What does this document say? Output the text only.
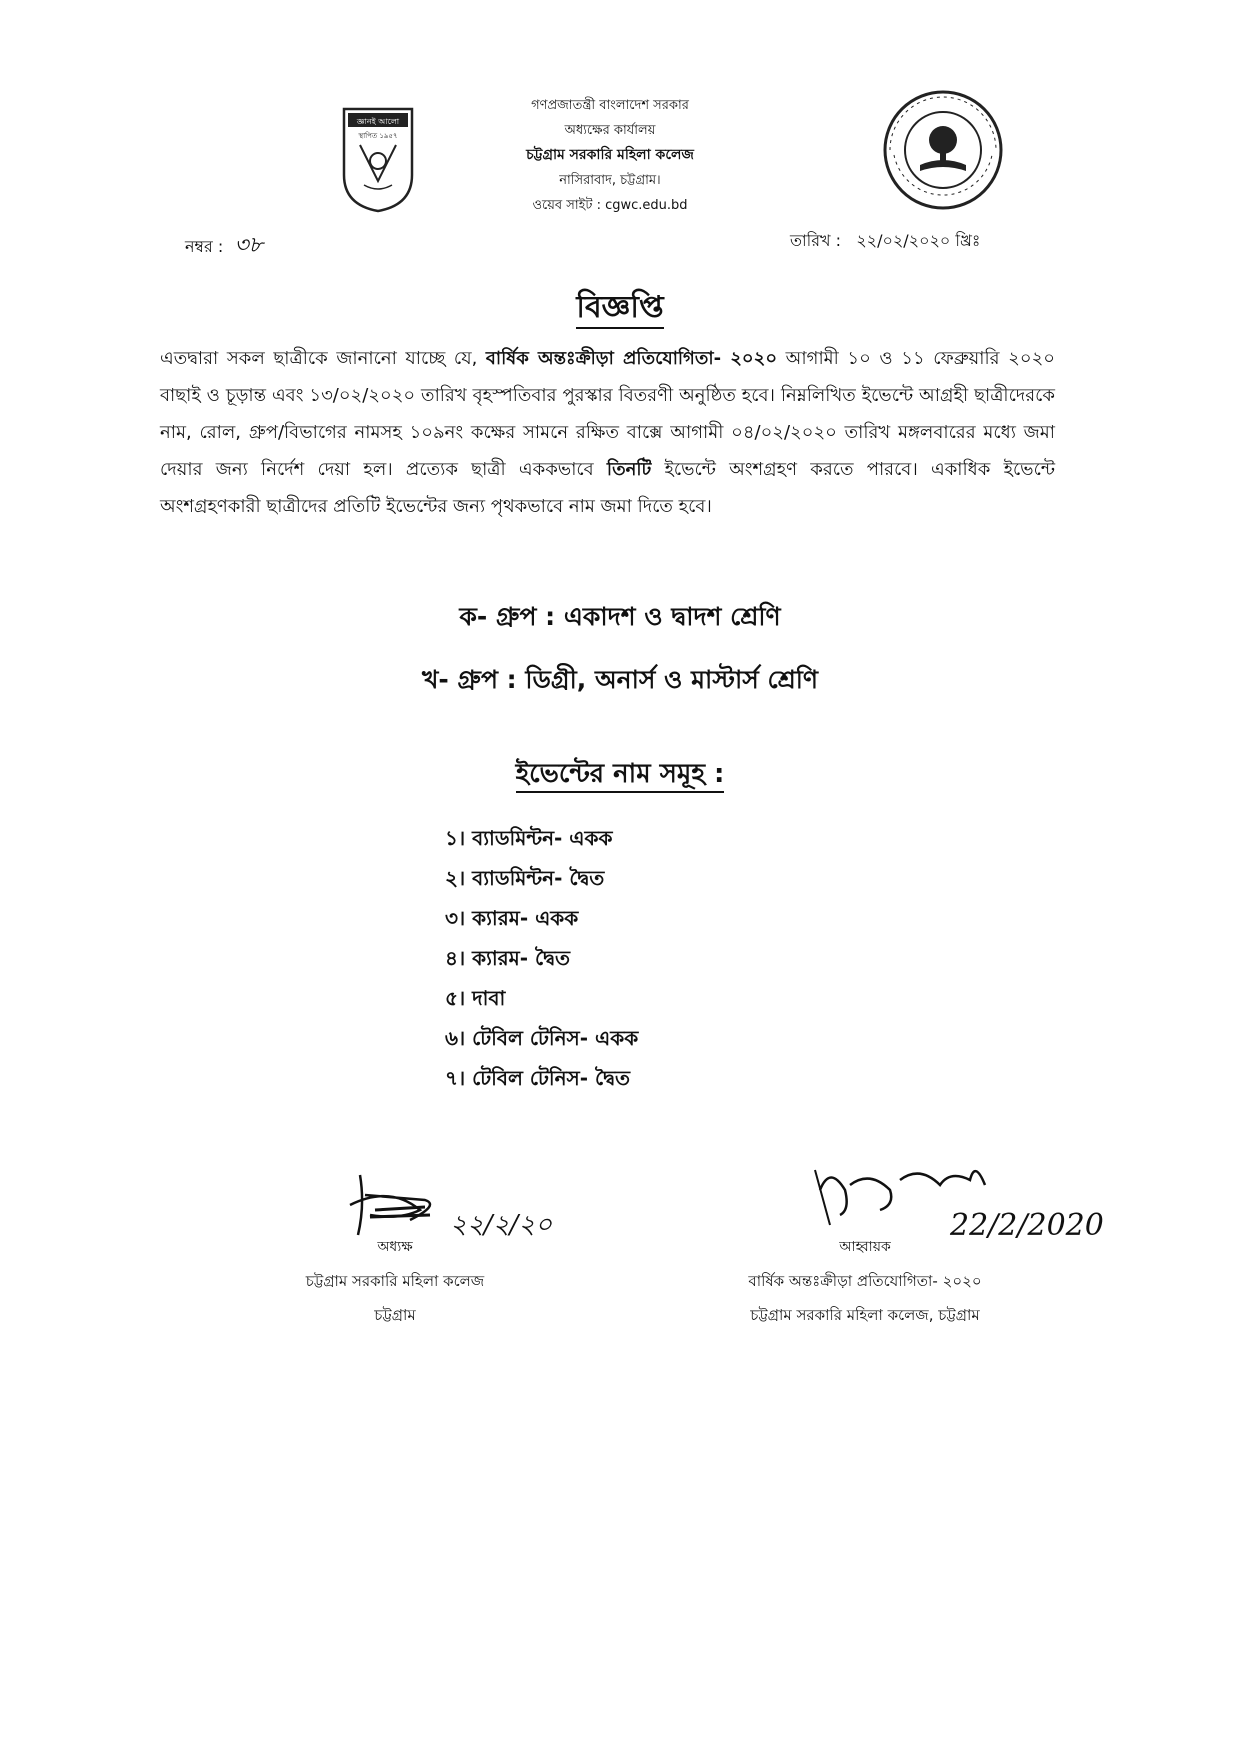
জ্ঞানই আলো
স্থাপিত ১৯৫৭
গণপ্রজাতন্ত্রী বাংলাদেশ সরকার
অধ্যক্ষের কার্যালয়
চট্টগ্রাম সরকারি মহিলা কলেজ
নাসিরাবাদ, চট্টগ্রাম।
ওয়েব সাইট : cgwc.edu.bd
নম্বর : ৩৮	তারিখ : ২২/০২/২০২০ খ্রিঃ
বিজ্ঞপ্তি
এতদ্বারা সকল ছাত্রীকে জানানো যাচ্ছে যে, বার্ষিক অন্তঃক্রীড়া প্রতিযোগিতা- ২০২০ আগামী ১০ ও ১১ ফেব্রুয়ারি ২০২০ বাছাই ও চূড়ান্ত এবং ১৩/০২/২০২০ তারিখ বৃহস্পতিবার পুরস্কার বিতরণী অনুষ্ঠিত হবে। নিম্নলিখিত ইভেন্টে আগ্রহী ছাত্রীদেরকে নাম, রোল, গ্রুপ/বিভাগের নামসহ ১০৯নং কক্ষের সামনে রক্ষিত বাক্সে আগামী ০৪/০২/২০২০ তারিখ মঙ্গলবারের মধ্যে জমা দেয়ার জন্য নির্দেশ দেয়া হল। প্রত্যেক ছাত্রী এককভাবে তিনটি ইভেন্টে অংশগ্রহণ করতে পারবে। একাধিক ইভেন্টে অংশগ্রহণকারী ছাত্রীদের প্রতিটি ইভেন্টের জন্য পৃথকভাবে নাম জমা দিতে হবে।
ক- গ্রুপ : একাদশ ও দ্বাদশ শ্রেণি
খ- গ্রুপ : ডিগ্রী, অনার্স ও মাস্টার্স শ্রেণি
ইভেন্টের নাম সমূহ :
১। ব্যাডমিন্টন- একক
২। ব্যাডমিন্টন- দ্বৈত
৩। ক্যারম- একক
৪। ক্যারম- দ্বৈত
৫। দাবা
৬। টেবিল টেনিস- একক
৭। টেবিল টেনিস- দ্বৈত
২২/২/২০	22/2/2020
অধ্যক্ষ
চট্টগ্রাম সরকারি মহিলা কলেজ
চট্টগ্রাম
আহ্বায়ক
বার্ষিক অন্তঃক্রীড়া প্রতিযোগিতা- ২০২০
চট্টগ্রাম সরকারি মহিলা কলেজ, চট্টগ্রাম
